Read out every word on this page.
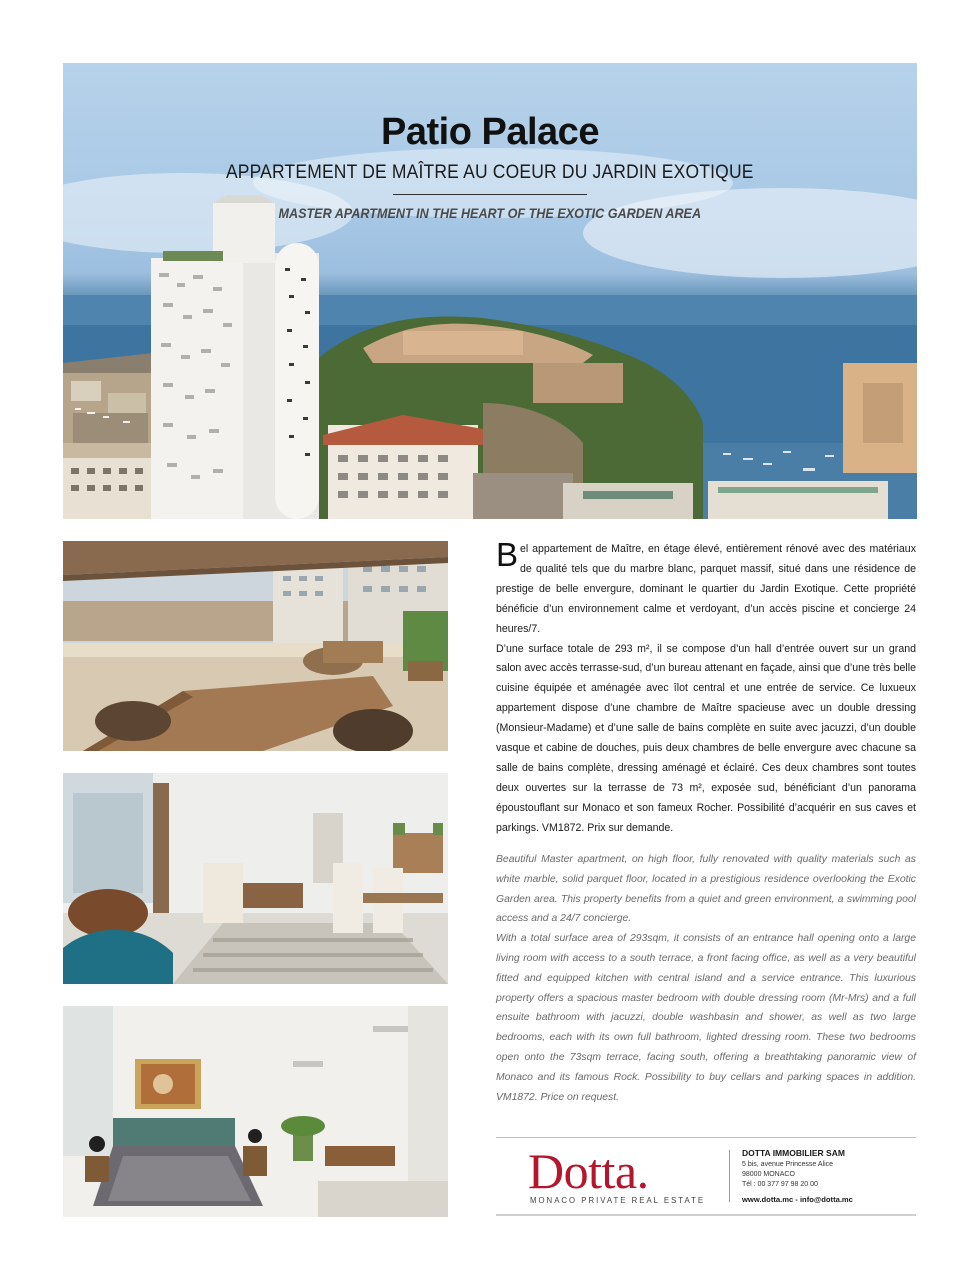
Patio Palace
APPARTEMENT DE MAÎTRE AU COEUR DU JARDIN EXOTIQUE
MASTER APARTMENT IN THE HEART OF THE EXOTIC GARDEN AREA
B el appartement de Maître, en étage élevé, entièrement rénové avec des matériaux de qualité tels que du marbre blanc, parquet massif, situé dans une résidence de prestige de belle envergure, dominant le quartier du Jardin Exotique. Cette propriété bénéficie d’un environnement calme et verdoyant, d’un accès piscine et concierge 24 heures/7.

D’une surface totale de 293 m², il se compose d’un hall d’entrée ouvert sur un grand salon avec accès terrasse-sud, d’un bureau attenant en façade, ainsi que d’une très belle cuisine équipée et aménagée avec îlot central et une entrée de service. Ce luxueux appartement dispose d’une chambre de Maître spacieuse avec un double dressing (Monsieur-Madame) et d’une salle de bains complète en suite avec jacuzzi, d’un double vasque et cabine de douches, puis deux chambres de belle envergure avec chacune sa salle de bains complète, dressing aménagé et éclairé. Ces deux chambres sont toutes deux ouvertes sur la terrasse de 73 m², exposée sud, bénéficiant d’un panorama époustouflant sur Monaco et son fameux Rocher. Possibilité d’acquérir en sus caves et parkings. VM1872. Prix sur demande.

Beautiful Master apartment, on high floor, fully renovated with quality materials such as white marble, solid parquet floor, located in a prestigious residence overlooking the Exotic Garden area. This property benefits from a quiet and green environment, a swimming pool access and a 24/7 concierge.

With a total surface area of 293sqm, it consists of an entrance hall opening onto a large living room with access to a south terrace, a front facing office, as well as a very beautiful fitted and equipped kitchen with central island and a service entrance. This luxurious property offers a spacious master bedroom with double dressing room (Mr-Mrs) and a full ensuite bathroom with jacuzzi, double washbasin and shower, as well as two large bedrooms, each with its own full bathroom, lighted dressing room. These two bedrooms open onto the 73sqm terrace, facing south, offering a breathtaking panoramic view of Monaco and its famous Rock. Possibility to buy cellars and parking spaces in addition. VM1872. Price on request.

Dotta.
MONACO PRIVATE REAL ESTATE
DOTTA IMMOBILIER SAM
5 bis, avenue Princesse Alice
98000 MONACO
Tél : 00 377 97 98 20 00
www.dotta.mc - info@dotta.mc
